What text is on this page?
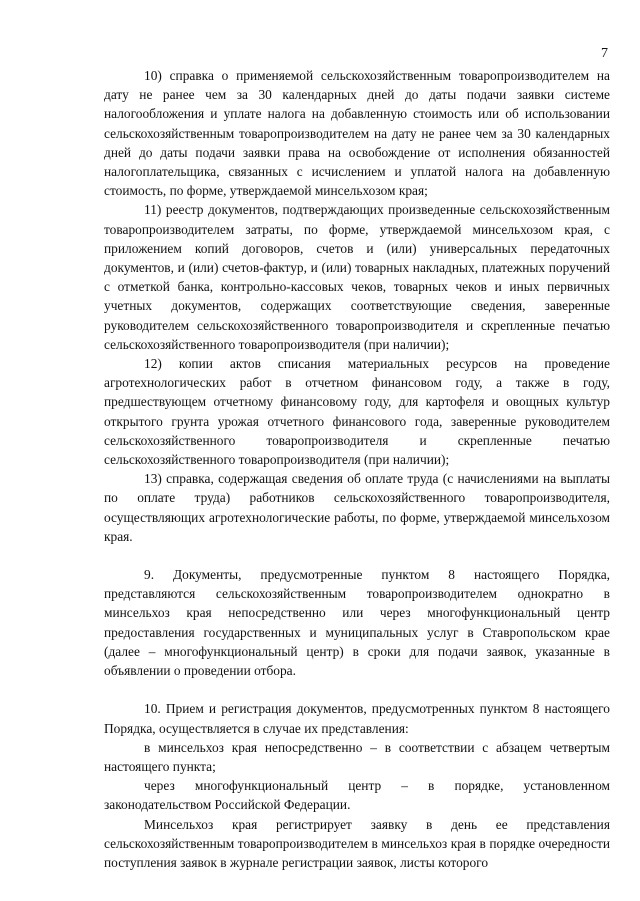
7

10) справка о применяемой сельскохозяйственным товаропроизводителем на дату не ранее чем за 30 календарных дней до даты подачи заявки системе налогообложения и уплате налога на добавленную стоимость или об использовании сельскохозяйственным товаропроизводителем на дату не ранее чем за 30 календарных дней до даты подачи заявки права на освобождение от исполнения обязанностей налогоплательщика, связанных с исчислением и уплатой налога на добавленную стоимость, по форме, утверждаемой минсельхозом края;

11) реестр документов, подтверждающих произведенные сельскохозяйственным товаропроизводителем затраты, по форме, утверждаемой минсельхозом края, с приложением копий договоров, счетов и (или) универсальных передаточных документов, и (или) счетов-фактур, и (или) товарных накладных, платежных поручений с отметкой банка, контрольно-кассовых чеков, товарных чеков и иных первичных учетных документов, содержащих соответствующие сведения, заверенные руководителем сельскохозяйственного товаропроизводителя и скрепленные печатью сельскохозяйственного товаропроизводителя (при наличии);

12) копии актов списания материальных ресурсов на проведение агротехнологических работ в отчетном финансовом году, а также в году, предшествующем отчетному финансовому году, для картофеля и овощных культур открытого грунта урожая отчетного финансового года, заверенные руководителем сельскохозяйственного товаропроизводителя и скрепленные печатью сельскохозяйственного товаропроизводителя (при наличии);

13) справка, содержащая сведения об оплате труда (с начислениями на выплаты по оплате труда) работников сельскохозяйственного товаропроизводителя, осуществляющих агротехнологические работы, по форме, утверждаемой минсельхозом края.

9. Документы, предусмотренные пунктом 8 настоящего Порядка, представляются сельскохозяйственным товаропроизводителем однократно в минсельхоз края непосредственно или через многофункциональный центр предоставления государственных и муниципальных услуг в Ставропольском крае (далее – многофункциональный центр) в сроки для подачи заявок, указанные в объявлении о проведении отбора.

10. Прием и регистрация документов, предусмотренных пунктом 8 настоящего Порядка, осуществляется в случае их представления:

в минсельхоз края непосредственно – в соответствии с абзацем четвертым настоящего пункта;

через многофункциональный центр – в порядке, установленном законодательством Российской Федерации.

Минсельхоз края регистрирует заявку в день ее представления сельскохозяйственным товаропроизводителем в минсельхоз края в порядке очередности поступления заявок в журнале регистрации заявок, листы которого
